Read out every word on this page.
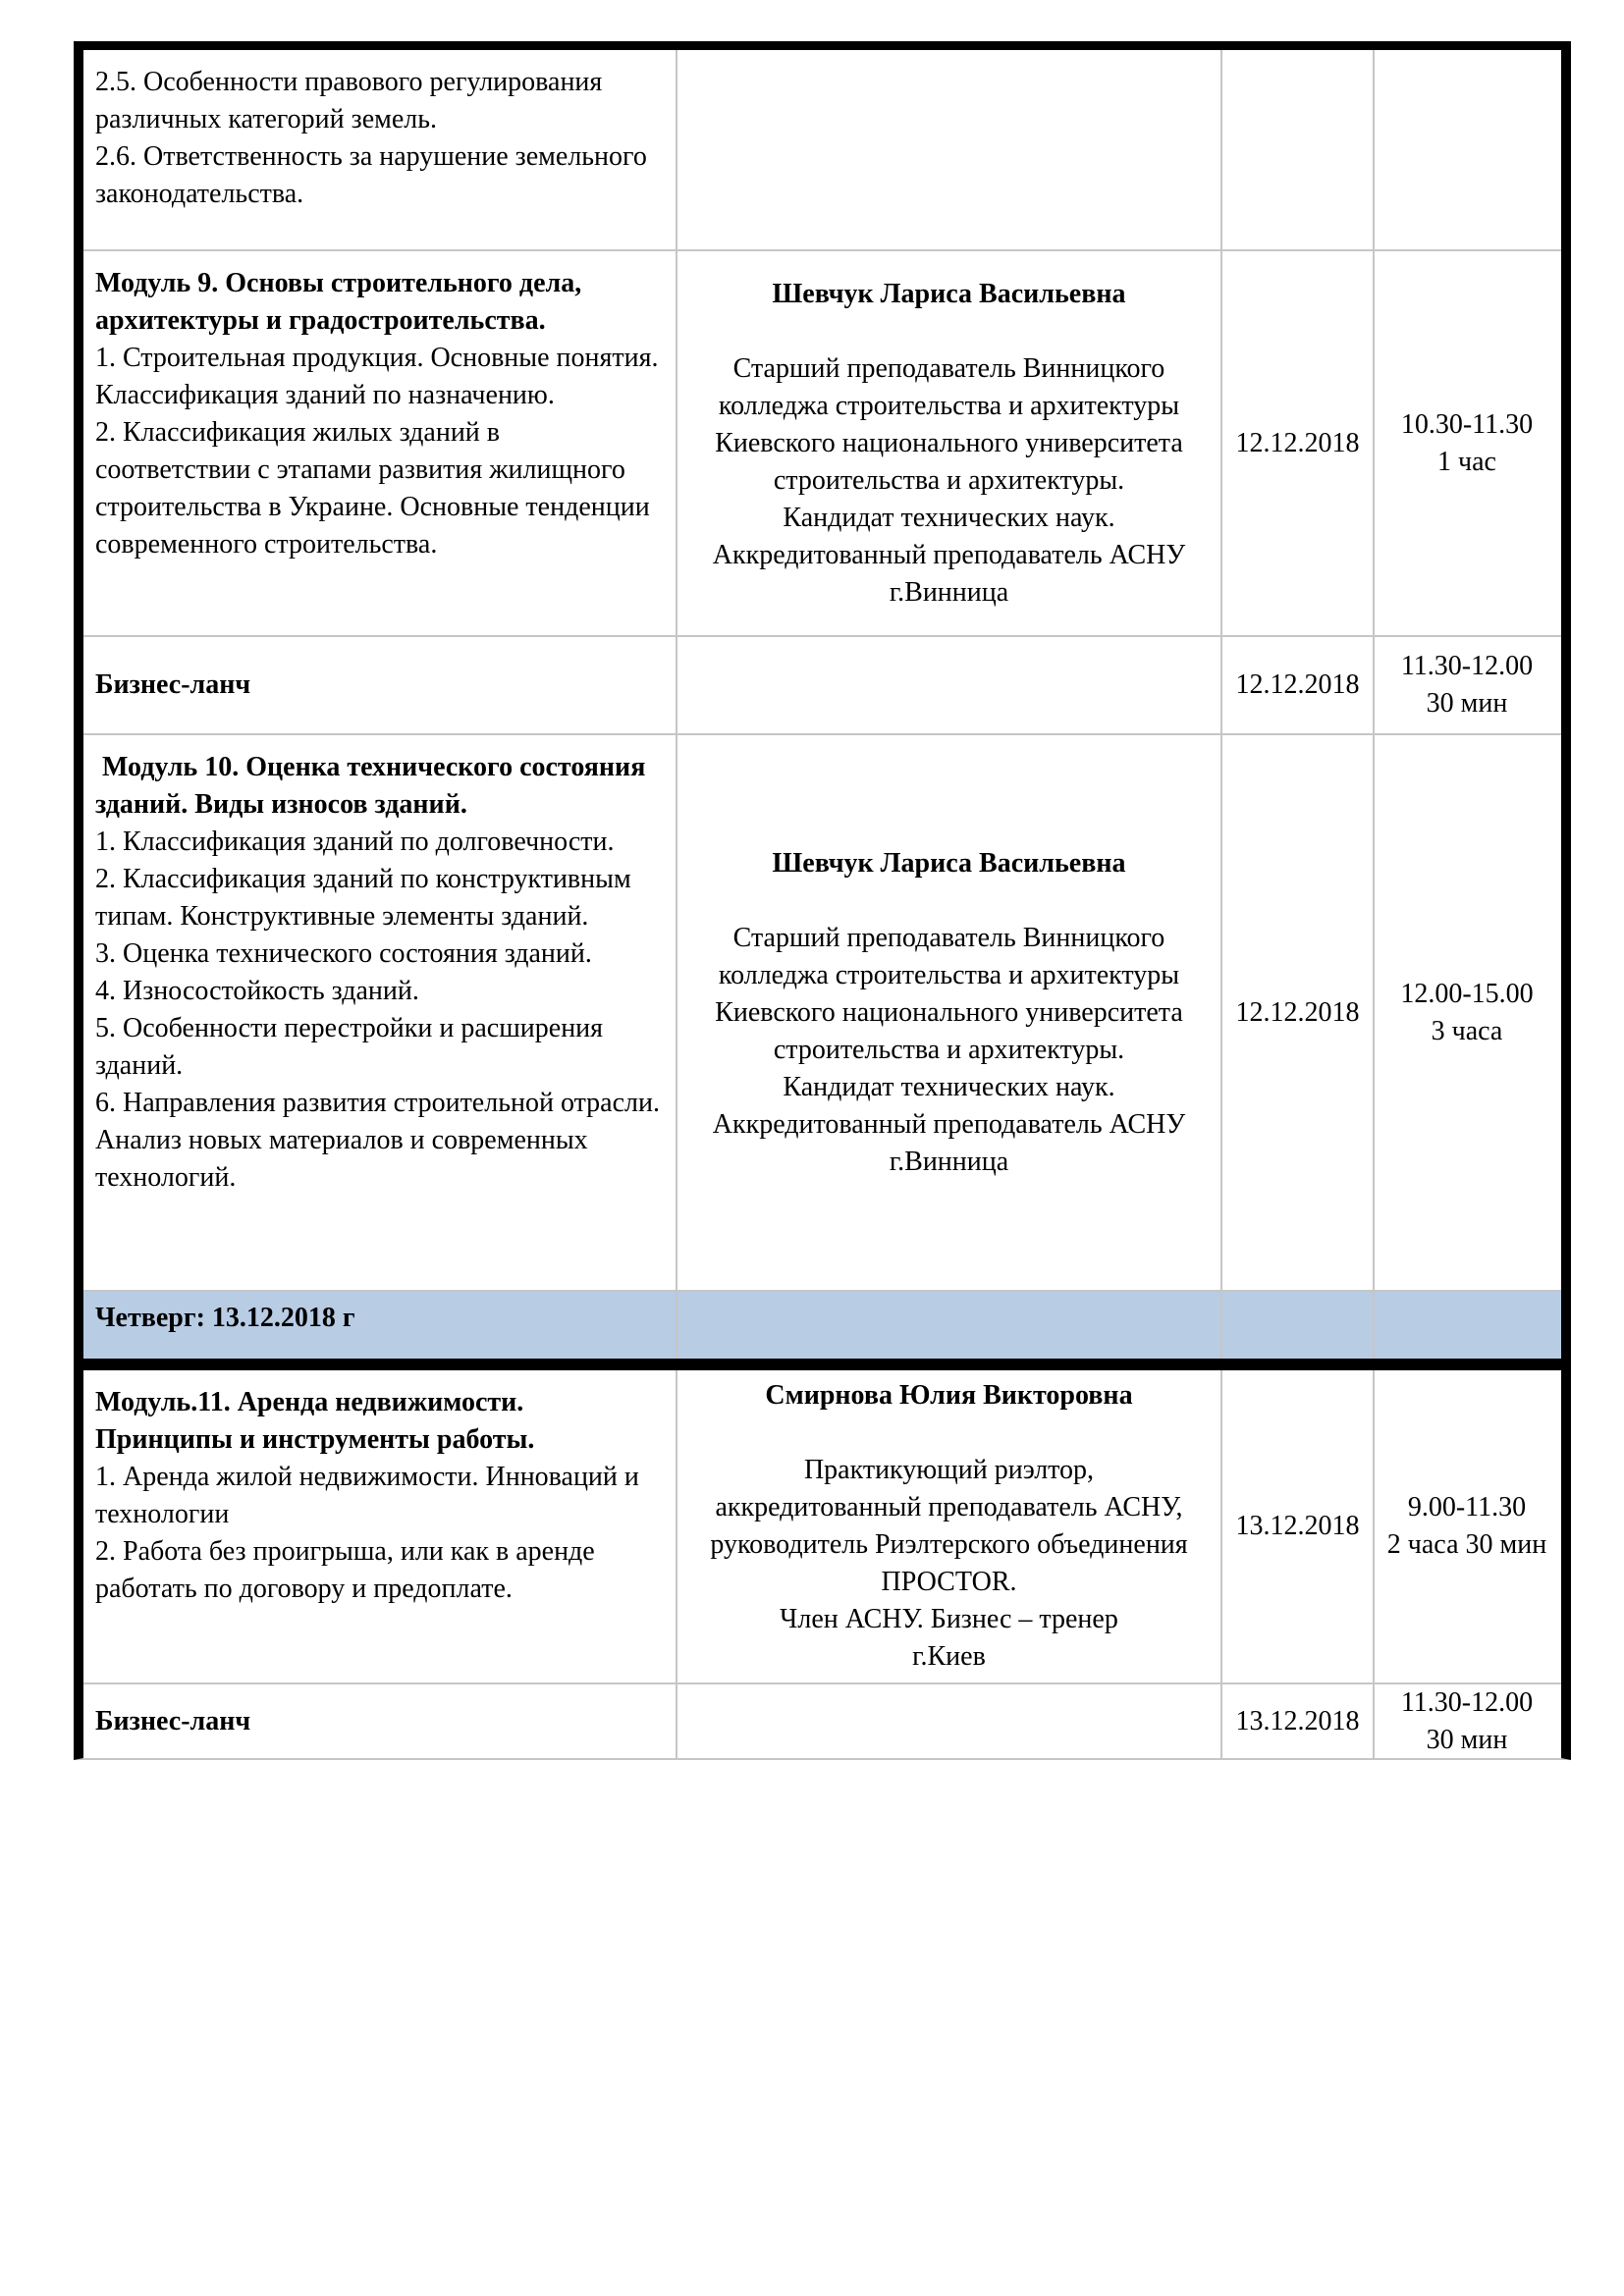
2.5. Особенности правового регулирования различных категорий земель.
2.6. Ответственность за нарушение земельного законодательства.
Модуль 9. Основы строительного дела, архитектуры и градостроительства.
1. Строительная продукция. Основные понятия. Классификация зданий по назначению.
2. Классификация жилых зданий в соответствии с этапами развития жилищного строительства в Украине. Основные тенденции современного строительства.
Шевчук Лариса Васильевна
Старший преподаватель Винницкого
колледжа строительства и архитектуры
Киевского национального университета
строительства и архитектуры.
Кандидат технических наук.
Аккредитованный преподаватель АСНУ
г.Винница
12.12.2018
10.30-11.30
1 час
Бизнес-ланч	12.12.2018
11.30-12.00
30 мин
Модуль 10. Оценка технического состояния зданий. Виды износов зданий.
1. Классификация зданий по долговечности.
2. Классификация зданий по конструктивным типам. Конструктивные элементы зданий.
3. Оценка технического состояния зданий.
4. Износостойкость зданий.
5. Особенности перестройки и расширения зданий.
6. Направления развития строительной отрасли. Анализ новых материалов и современных технологий.
Шевчук Лариса Васильевна
Старший преподаватель Винницкого
колледжа строительства и архитектуры
Киевского национального университета
строительства и архитектуры.
Кандидат технических наук.
Аккредитованный преподаватель АСНУ
г.Винница
12.12.2018
12.00-15.00
3 часа
Четверг: 13.12.2018 г
Модуль.11. Аренда недвижимости. Принципы и инструменты работы.
1. Аренда жилой недвижимости. Инноваций и технологии
2. Работа без проигрыша, или как в аренде работать по договору и предоплате.
Смирнова Юлия Викторовна
Практикующий риэлтор,
аккредитованный преподаватель АСНУ,
руководитель Риэлтерского объединения
ПРОСТОR.
Член АСНУ. Бизнес – тренер
г.Киев
13.12.2018
9.00-11.30
2 часа 30 мин
Бизнес-ланч	13.12.2018
11.30-12.00
30 мин
